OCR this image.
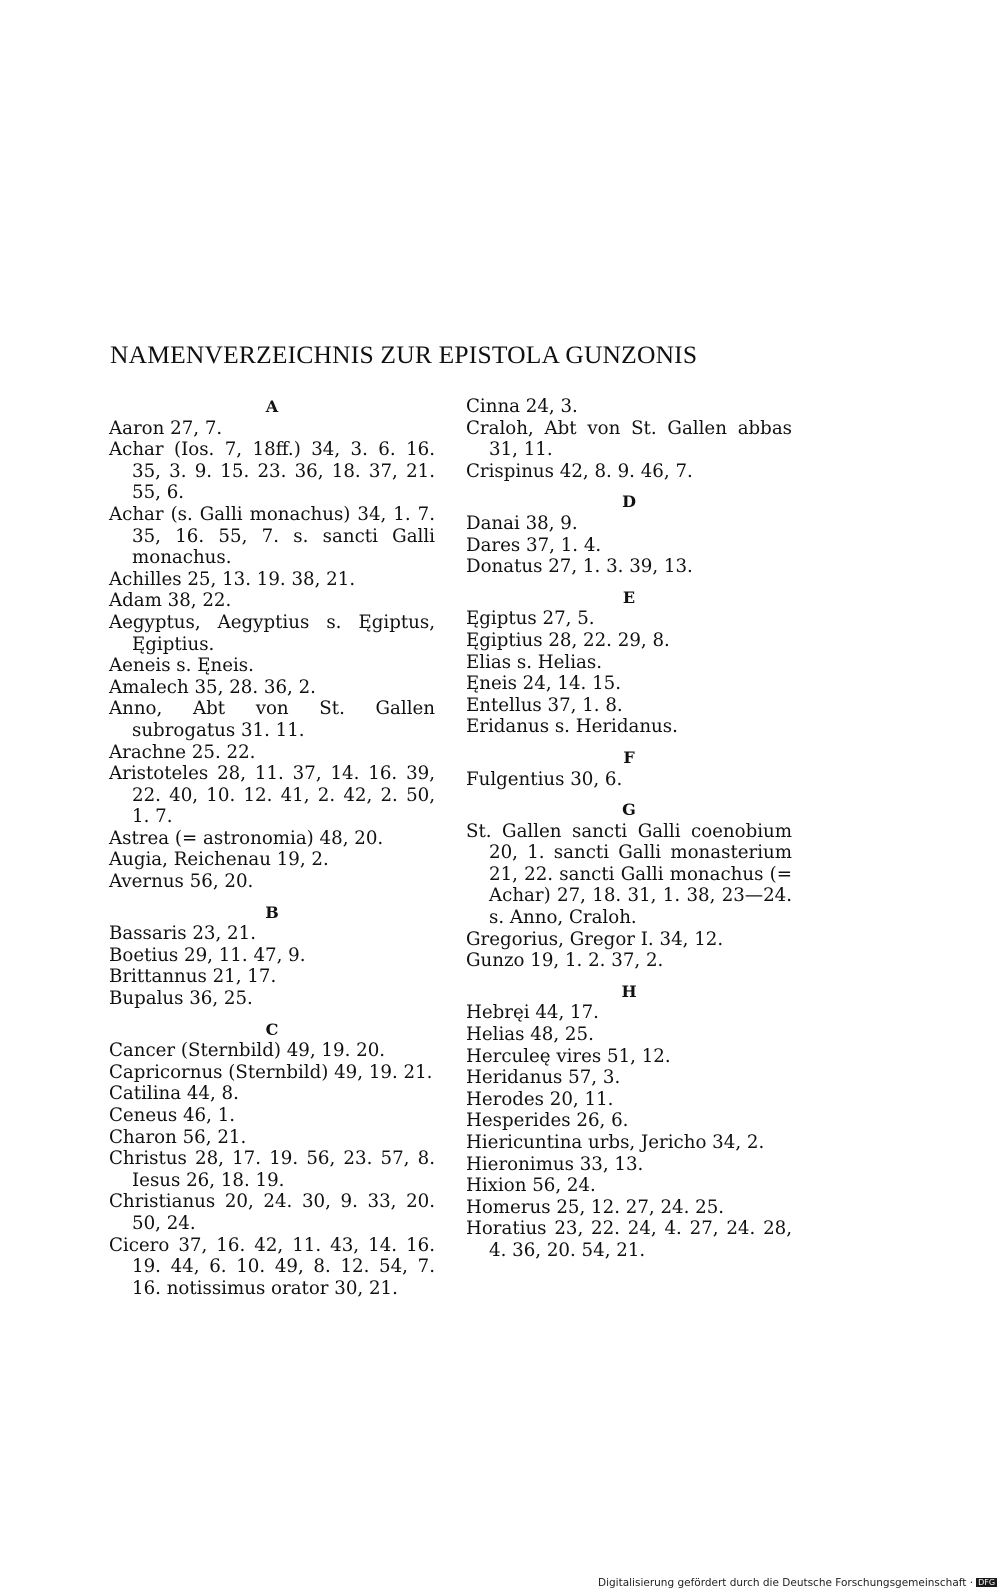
NAMENVERZEICHNIS ZUR EPISTOLA GUNZONIS
A
Aaron 27, 7.
Achar (Ios. 7, 18ff.) 34, 3. 6. 16. 35, 3. 9. 15. 23. 36, 18. 37, 21. 55, 6.
Achar (s. Galli monachus) 34, 1. 7. 35, 16. 55, 7. s. sancti Galli monachus.
Achilles 25, 13. 19. 38, 21.
Adam 38, 22.
Aegyptus, Aegyptius s. Ęgiptus, Ęgiptius.
Aeneis s. Ęneis.
Amalech 35, 28. 36, 2.
Anno, Abt von St. Gallen subrogatus 31. 11.
Arachne 25. 22.
Aristoteles 28, 11. 37, 14. 16. 39, 22. 40, 10. 12. 41, 2. 42, 2. 50, 1. 7.
Astrea (= astronomia) 48, 20.
Augia, Reichenau 19, 2.
Avernus 56, 20.
B
Bassaris 23, 21.
Boetius 29, 11. 47, 9.
Brittannus 21, 17.
Bupalus 36, 25.
C
Cancer (Sternbild) 49, 19. 20.
Capricornus (Sternbild) 49, 19. 21.
Catilina 44, 8.
Ceneus 46, 1.
Charon 56, 21.
Christus 28, 17. 19. 56, 23. 57, 8. Iesus 26, 18. 19.
Christianus 20, 24. 30, 9. 33, 20. 50, 24.
Cicero 37, 16. 42, 11. 43, 14. 16. 19. 44, 6. 10. 49, 8. 12. 54, 7. 16. notissimus orator 30, 21.
Cinna 24, 3.
Craloh, Abt von St. Gallen abbas 31, 11.
Crispinus 42, 8. 9. 46, 7.
D
Danai 38, 9.
Dares 37, 1. 4.
Donatus 27, 1. 3. 39, 13.
E
Ęgiptus 27, 5.
Ęgiptius 28, 22. 29, 8.
Elias s. Helias.
Ęneis 24, 14. 15.
Entellus 37, 1. 8.
Eridanus s. Heridanus.
F
Fulgentius 30, 6.
G
St. Gallen sancti Galli coenobium 20, 1. sancti Galli monasterium 21, 22. sancti Galli monachus (= Achar) 27, 18. 31, 1. 38, 23—24. s. Anno, Craloh.
Gregorius, Gregor I. 34, 12.
Gunzo 19, 1. 2. 37, 2.
H
Hebręi 44, 17.
Helias 48, 25.
Herculeę vires 51, 12.
Heridanus 57, 3.
Herodes 20, 11.
Hesperides 26, 6.
Hiericuntina urbs, Jericho 34, 2.
Hieronimus 33, 13.
Hixion 56, 24.
Homerus 25, 12. 27, 24. 25.
Horatius 23, 22. 24, 4. 27, 24. 28, 4. 36, 20. 54, 21.
Digitalisierung gefördert durch die Deutsche Forschungsgemeinschaft · DFG
